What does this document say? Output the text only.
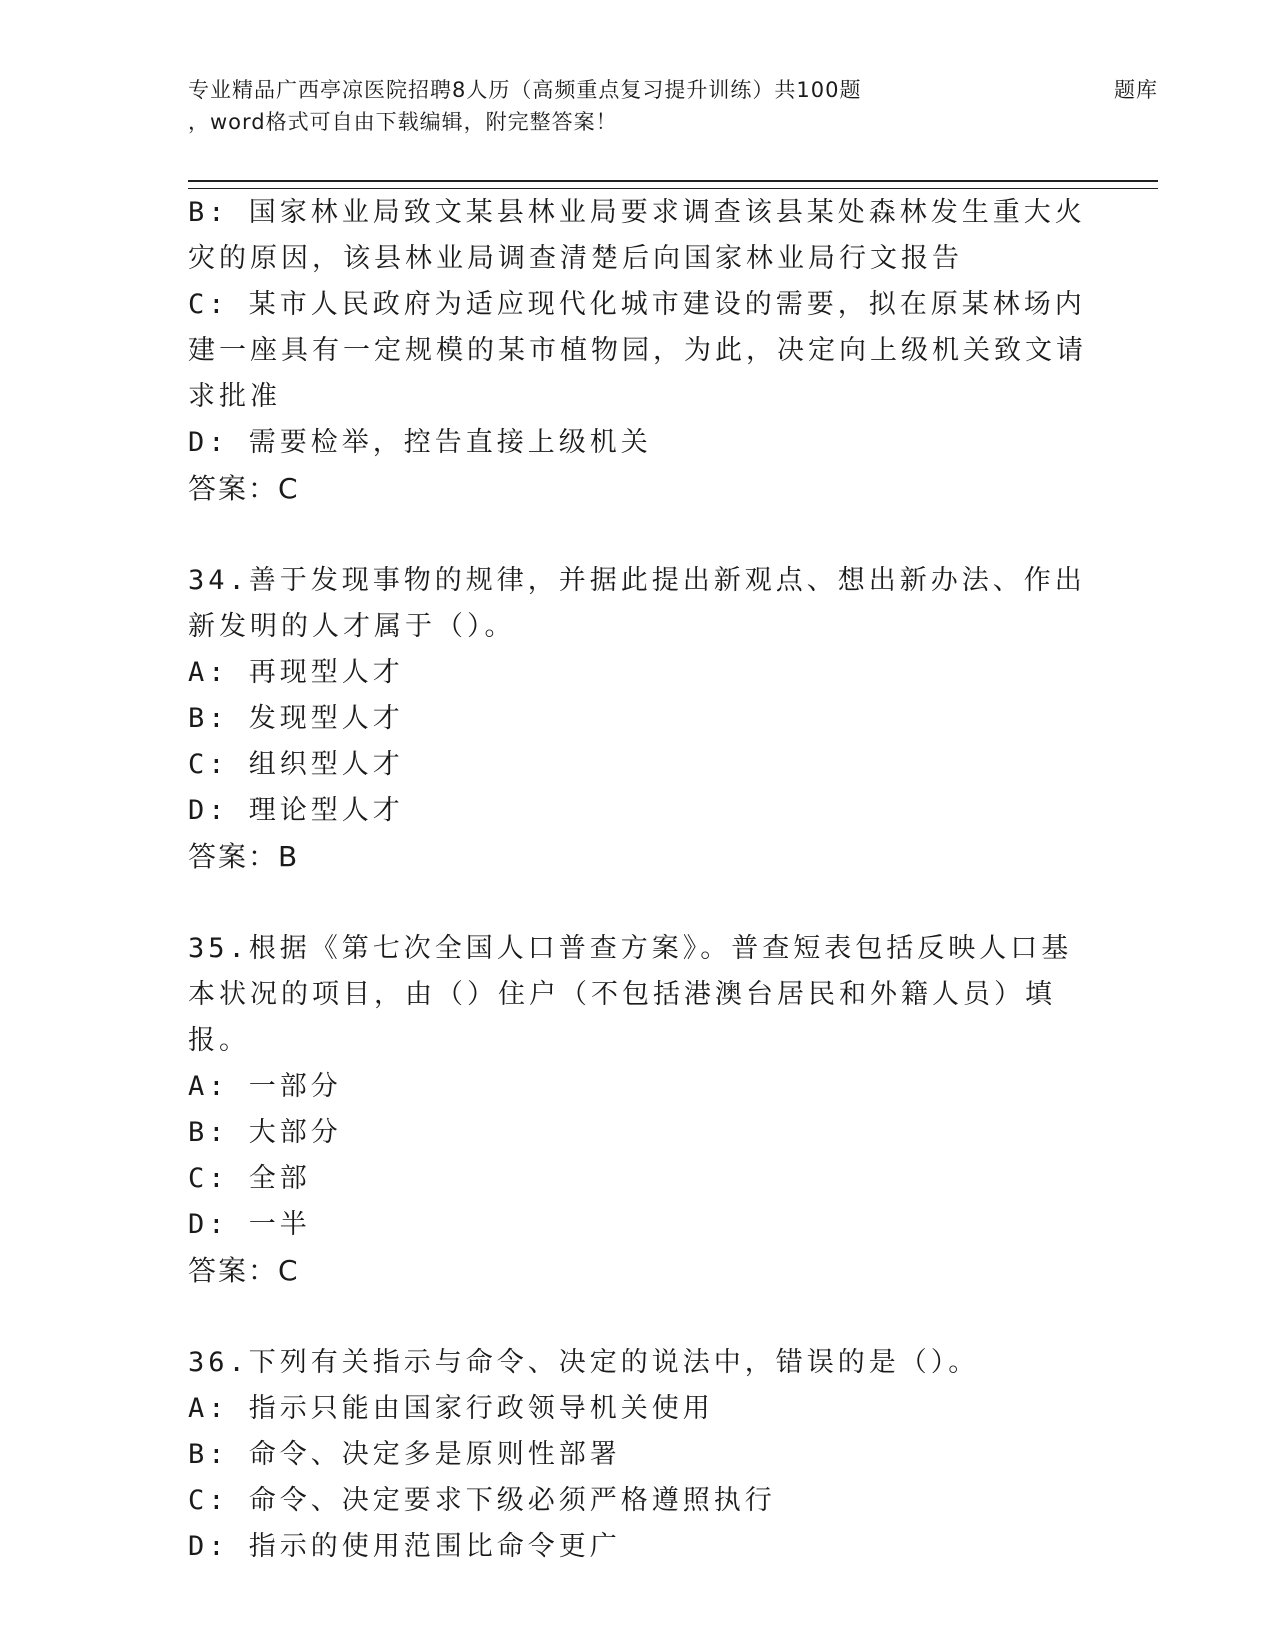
专业精品广西亭凉医院招聘8人历（高频重点复习提升训练）共100题	题库
，word格式可自由下载编辑，附完整答案！

B: 国家林业局致文某县林业局要求调查该县某处森林发生重大火灾的原因，该县林业局调查清楚后向国家林业局行文报告

C: 某市人民政府为适应现代化城市建设的需要，拟在原某林场内建一座具有一定规模的某市植物园，为此，决定向上级机关致文请求批准

D: 需要检举，控告直接上级机关

答案：C

34.善于发现事物的规律，并据此提出新观点、想出新办法、作出新发明的人才属于（）。

A: 再现型人才

B: 发现型人才

C: 组织型人才

D: 理论型人才

答案：B

35.根据《第七次全国人口普查方案》。普查短表包括反映人口基本状况的项目，由（）住户（不包括港澳台居民和外籍人员）填报。

A: 一部分

B: 大部分

C: 全部

D: 一半

答案：C

36.下列有关指示与命令、决定的说法中，错误的是（）。

A: 指示只能由国家行政领导机关使用

B: 命令、决定多是原则性部署

C: 命令、决定要求下级必须严格遵照执行

D: 指示的使用范围比命令更广
